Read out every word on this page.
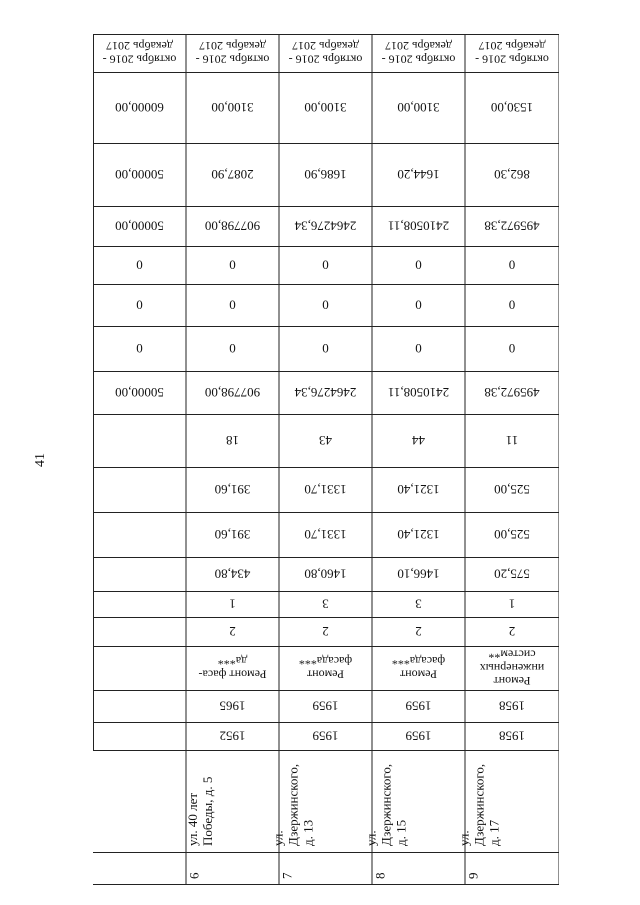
41
октябрь 2016 -
декабрь 2017
60000,00
50000,00
50000,00
0
0
0
50000,00
октябрь 2016 -
декабрь 2017
3100,00
2087,90
907798,00
0
0
0
907798,00
18
391,60
391,60
434,80
1
2
Ремонт фаса-
да***
1965
1952
ул. 40 лет Победы, д. 5
6
октябрь 2016 -
декабрь 2017
3100,00
1686,90
2464276,34
0
0
0
2464276,34
43
1331,70
1331,70
1460,80
3
2
Ремонт
фасада***
1959
1959
ул. Дзержинского, д. 13
7
октябрь 2016 -
декабрь 2017
3100,00
1644,20
2410508,11
0
0
0
2410508,11
44
1321,40
1321,40
1466,10
3
2
Ремонт
фасада***
1959
1959
ул. Дзержинского, д. 15
8
октябрь 2016 -
декабрь 2017
1530,00
862,30
495972,38
0
0
0
495972,38
11
525,00
525,00
575,20
1
2
Ремонт
инженерных
систем**
1958
1958
ул. Дзержинского, д. 17
9
